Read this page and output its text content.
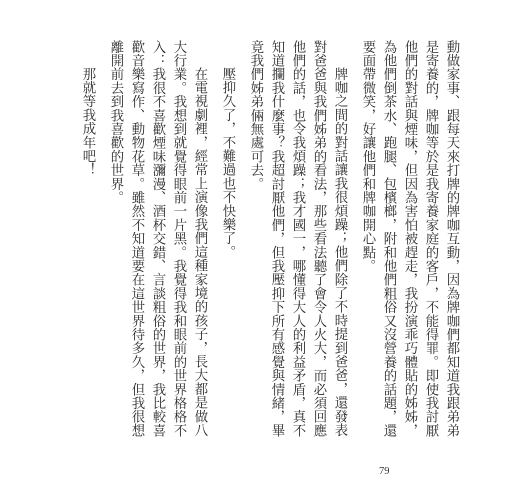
動做家事、跟每天來打牌的牌咖互動，因為牌咖們都知道我跟弟弟是寄養的，牌咖等於是我寄養家庭的客戶，不能得罪。即使我討厭他們的對話與煙味，但因為害怕被趕走，我扮演乖巧體貼的姊姊，為他們倒茶水、跑腿、包檳榔，附和他們粗俗又沒營養的話題，還要面帶微笑，好讓他們和牌咖開心點。

牌咖之間的對話讓我很煩躁；他們除了不時提到爸爸，還發表對爸爸與我們姊弟的看法，那些看法聽了會令人火大，而必須回應他們的話，也令我煩躁；我才國一，哪懂得大人的利益矛盾，真不知道攔我什麼事？我超討厭他們，但我壓抑下所有感覺與情緒，畢竟我們姊弟倆無處可去。

壓抑久了，不難過也不快樂了。

在電視劇裡，經常上演像我們這種家境的孩子，長大都是做八大行業。我想到就覺得眼前一片黑。我覺得我和眼前的世界格格不入：我很不喜歡煙味瀰漫、酒杯交錯、言談粗俗的世界，我比較喜歡音樂寫作、動物花草。雖然不知道要在這世界待多久，但我很想離開前去到我喜歡的世界。

那就等我成年吧！

79
